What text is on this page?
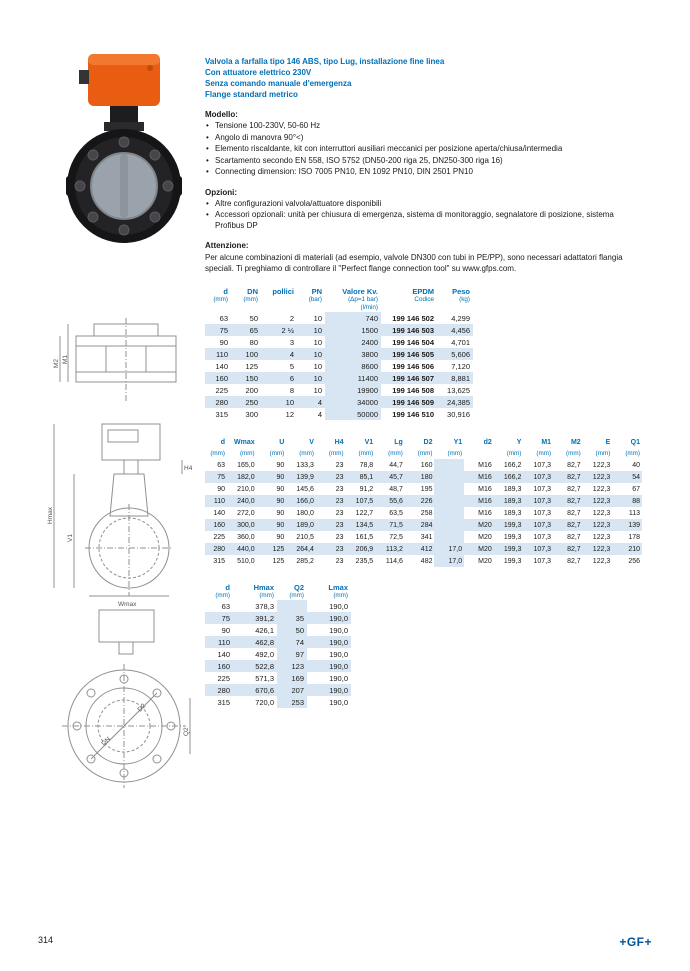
M2 M1
Hmax
V1
Wmax
H4
DN
D2
Q2
Valvola a farfalla tipo 146 ABS, tipo Lug, installazione fine linea
Con attuatore elettrico 230V
Senza comando manuale d'emergenza
Flange standard metrico
Modello:
• Tensione 100-230V, 50-60 Hz
• Angolo di manovra 90°<)
• Elemento riscaldante, kit con interruttori ausiliari meccanici per posizione aperta/chiusa/intermedia
• Scartamento secondo EN 558, ISO 5752 (DN50-200 riga 25, DN250-300 riga 16)
• Connecting dimension: ISO 7005 PN10, EN 1092 PN10, DIN 2501 PN10
Opzioni:
• Altre configurazioni valvola/attuatore disponibili
• Accessori opzionali: unità per chiusura di emergenza, sistema di monitoraggio, segnalatore di posizione, sistema Profibus DP
Attenzione:
Per alcune combinazioni di materiali (ad esempio, valvole DN300 con tubi in PE/PP), sono necessari adattatori flangia speciali. Ti preghiamo di controllare il "Perfect flange connection tool" su www.gfps.com.
d	DN	pollici	PN	Valore Kv.	EPDM	Peso
(mm)	(mm)		(bar)	(Δp=1 bar)	Codice	(kg)
				(l/min)		
63	50	2	10	740	199 146 502	4,299
75	65	2 ½	10	1500	199 146 503	4,456
90	80	3	10	2400	199 146 504	4,701
110	100	4	10	3800	199 146 505	5,606
140	125	5	10	8600	199 146 506	7,120
160	150	6	10	11400	199 146 507	8,881
225	200	8	10	19900	199 146 508	13,625
280	250	10	4	34000	199 146 509	24,385
315	300	12	4	50000	199 146 510	30,916
d	Wmax	U	V	H4	V1	Lg	D2	Y1	d2	Y	M1	M2	E	Q1
(mm)	(mm)	(mm)	(mm)	(mm)	(mm)	(mm)	(mm)	(mm)		(mm)	(mm)	(mm)	(mm)	(mm)
63	165,0	90	133,3	23	78,8	44,7	160		M16	166,2	107,3	82,7	122,3	40
75	182,0	90	139,9	23	85,1	45,7	180		M16	166,2	107,3	82,7	122,3	54
90	210,0	90	145,6	23	91,2	48,7	195		M16	189,3	107,3	82,7	122,3	67
110	240,0	90	166,0	23	107,5	55,6	226		M16	189,3	107,3	82,7	122,3	88
140	272,0	90	180,0	23	122,7	63,5	258		M16	189,3	107,3	82,7	122,3	113
160	300,0	90	189,0	23	134,5	71,5	284		M20	199,3	107,3	82,7	122,3	139
225	360,0	90	210,5	23	161,5	72,5	341		M20	199,3	107,3	82,7	122,3	178
280	440,0	125	264,4	23	206,9	113,2	412	17,0	M20	199,3	107,3	82,7	122,3	210
315	510,0	125	285,2	23	235,5	114,6	482	17,0	M20	199,3	107,3	82,7	122,3	256
d	Hmax	Q2	Lmax
(mm)	(mm)	(mm)	(mm)
63	378,3		190,0
75	391,2	35	190,0
90	426,1	50	190,0
110	462,8	74	190,0
140	492,0	97	190,0
160	522,8	123	190,0
225	571,3	169	190,0
280	670,6	207	190,0
315	720,0	253	190,0
314	+GF+
